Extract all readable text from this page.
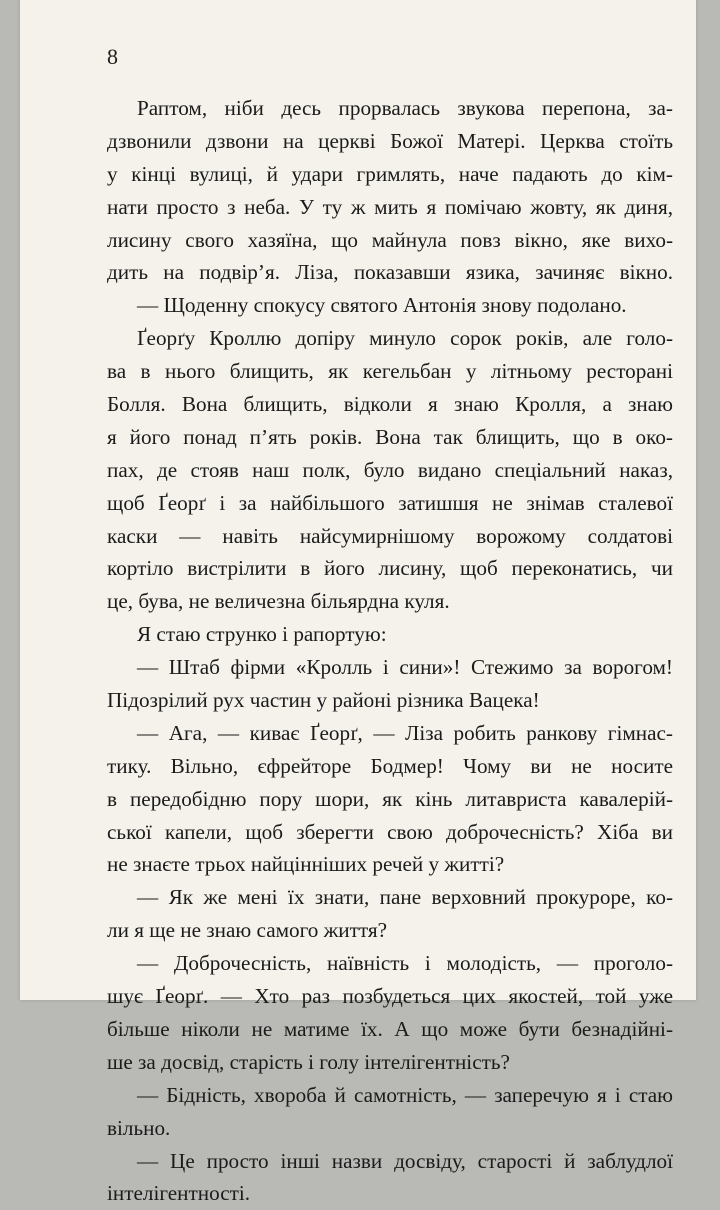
8
Раптом, ніби десь прорвалась звукова перепона, за-
дзвонили дзвони на церкві Божої Матері. Церква стоїть
у кінці вулиці, й удари гримлять, наче падають до кім-
нати просто з неба. У ту ж мить я помічаю жовту, як диня,
лисину свого хазяїна, що майнула повз вікно, яке вихо-
дить на подвір’я. Ліза, показавши язика, зачиняє вікно.
— Щоденну спокусу святого Антонія знову подолано.
Ґеорґу Кроллю допіру минуло сорок років, але голо-
ва в нього блищить, як кегельбан у літньому ресторані
Болля. Вона блищить, відколи я знаю Кролля, а знаю
я його понад п’ять років. Вона так блищить, що в око-
пах, де стояв наш полк, було видано спеціальний наказ,
щоб Ґеорґ і за найбільшого затишшя не знімав сталевої
каски — навіть найсумирнішому ворожому солдатові
кортіло вистрілити в його лисину, щоб переконатись, чи
це, бува, не величезна більярдна куля.
Я стаю струнко і рапортую:
— Штаб фірми «Кролль і сини»! Стежимо за ворогом!
Підозрілий рух частин у районі різника Вацека!
— Ага, — киває Ґеорґ, — Ліза робить ранкову гімнас-
тику. Вільно, єфрейторе Бодмер! Чому ви не носите
в передобідню пору шори, як кінь литавриста кавалерій-
ської капели, щоб зберегти свою доброчесність? Хіба ви
не знаєте трьох найцінніших речей у житті?
— Як же мені їх знати, пане верховний прокуроре, ко-
ли я ще не знаю самого життя?
— Доброчесність, наївність і молодість, — проголо-
шує Ґеорґ. — Хто раз позбудеться цих якостей, той уже
більше ніколи не матиме їх. А що може бути безнадійні-
ше за досвід, старість і голу інтелігентність?
— Бідність, хвороба й самотність, — заперечую я і стаю
вільно.
— Це просто інші назви досвіду, старості й заблудлої
інтелігентності.
